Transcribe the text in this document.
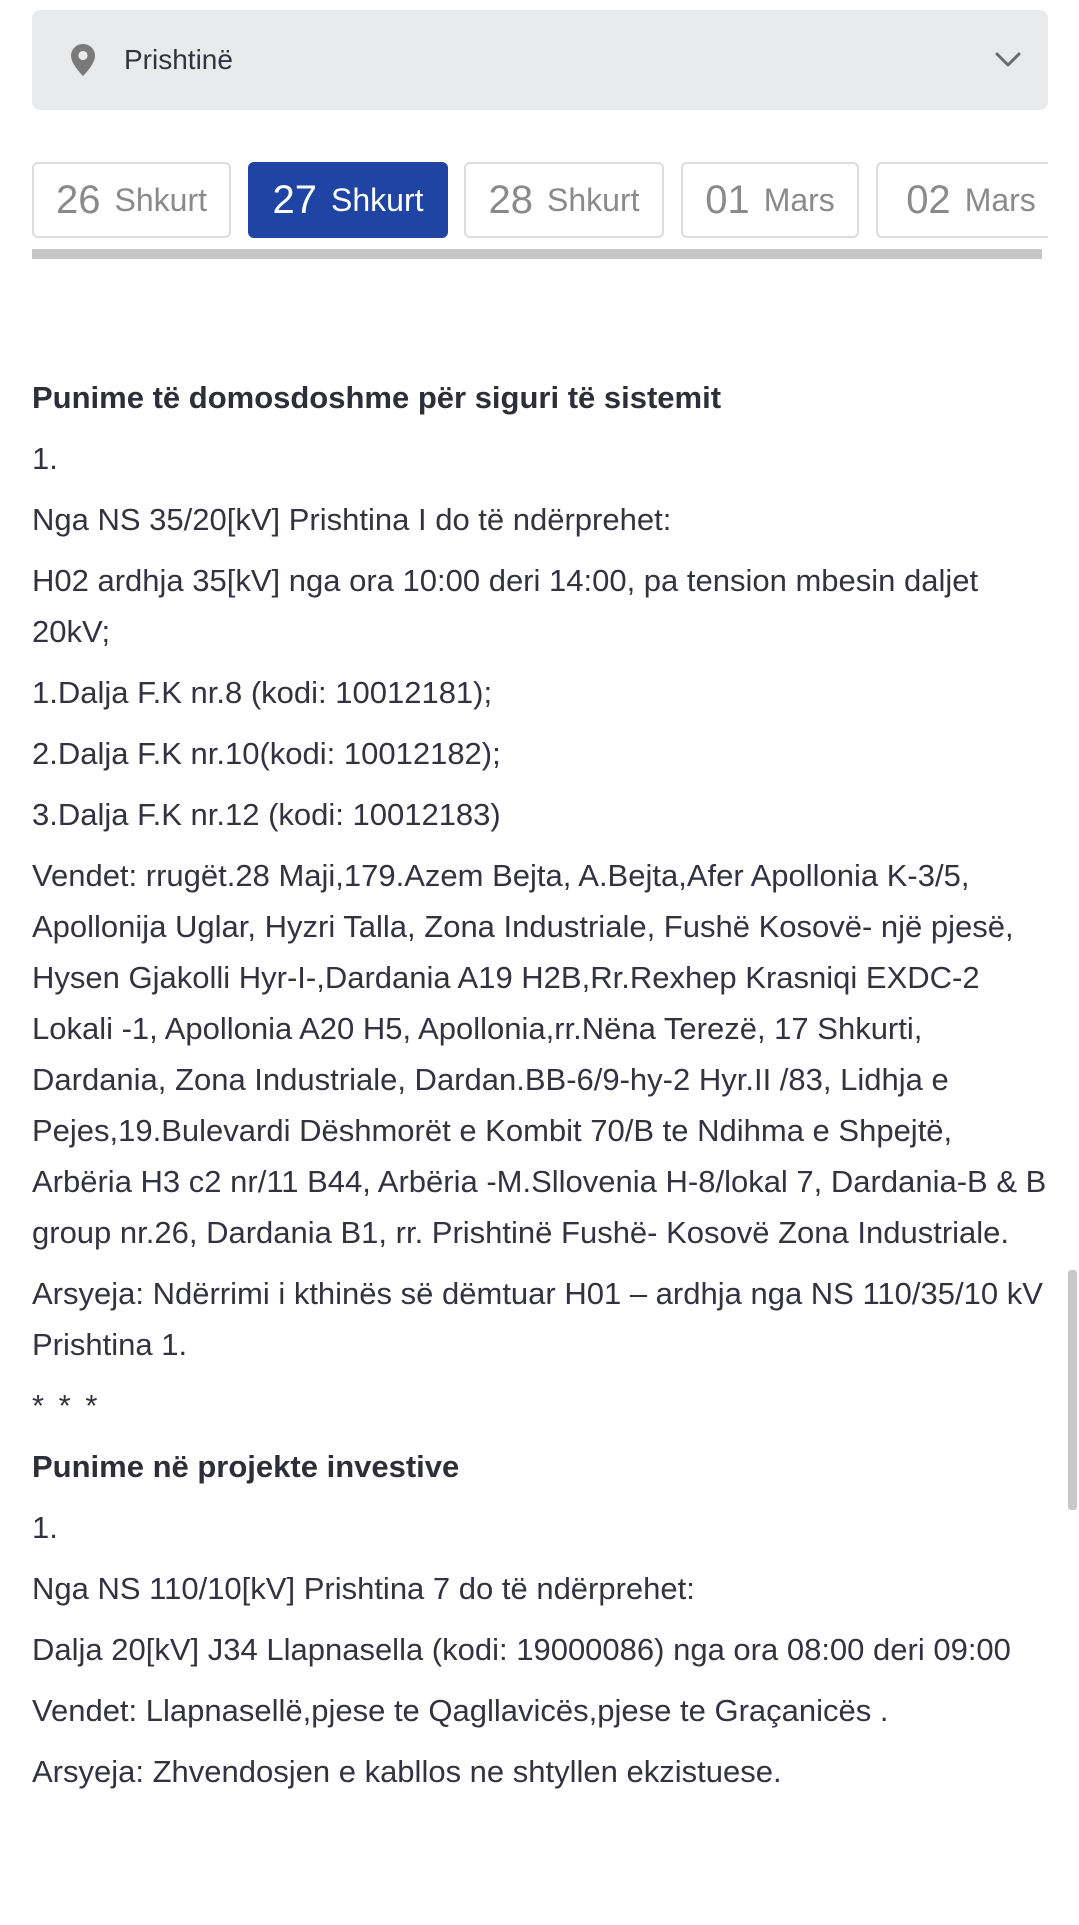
Prishtinë
26 Shkurt 27 Shkurt 28 Shkurt 01 Mars 02 Mars

Punime të domosdoshme për siguri të sistemit

1.

Nga NS 35/20[kV] Prishtina I do të ndërprehet:

H02 ardhja 35[kV] nga ora 10:00 deri 14:00, pa tension mbesin daljet 20kV;

1.Dalja F.K nr.8 (kodi: 10012181);

2.Dalja F.K nr.10(kodi: 10012182);

3.Dalja F.K nr.12 (kodi: 10012183)

Vendet: rrugët.28 Maji,179.Azem Bejta, A.Bejta,Afer Apollonia K-3/5, Apollonija Uglar, Hyzri Talla, Zona Industriale, Fushë Kosovë- një pjesë, Hysen Gjakolli Hyr-I-,Dardania A19 H2B,Rr.Rexhep Krasniqi EXDC-2 Lokali -1, Apollonia A20 H5, Apollonia,rr.Nëna Terezë, 17 Shkurti, Dardania, Zona Industriale, Dardan.BB-6/9-hy-2 Hyr.II /83, Lidhja e Pejes,19.Bulevardi Dëshmorët e Kombit 70/B te Ndihma e Shpejtë, Arbëria H3 c2 nr/11 B44, Arbëria -M.Sllovenia H-8/lokal 7, Dardania-B & B group nr.26, Dardania B1, rr. Prishtinë Fushë- Kosovë Zona Industriale.

Arsyeja: Ndërrimi i kthinës së dëmtuar H01 – ardhja nga NS 110/35/10 kV Prishtina 1.

* * *

Punime në projekte investive

1.

Nga NS 110/10[kV] Prishtina 7 do të ndërprehet:

Dalja 20[kV] J34 Llapnasella (kodi: 19000086) nga ora 08:00 deri 09:00

Vendet: Llapnasellë,pjese te Qagllavicës,pjese te Graçanicës .

Arsyeja: Zhvendosjen e kabllos ne shtyllen ekzistuese.
